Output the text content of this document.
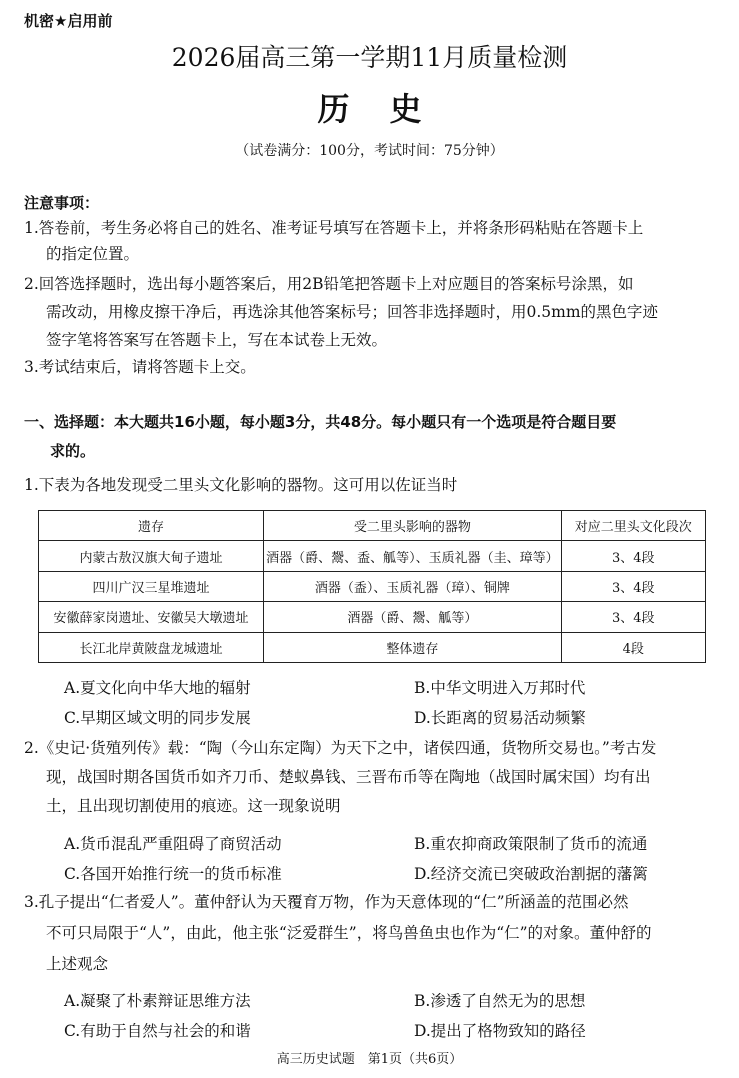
机密★启用前
2026届高三第一学期11月质量检测
历史
（试卷满分：100分，考试时间：75分钟）
注意事项：
1.答卷前，考生务必将自己的姓名、准考证号填写在答题卡上，并将条形码粘贴在答题卡上
的指定位置。
2.回答选择题时，选出每小题答案后，用2B铅笔把答题卡上对应题目的答案标号涂黑，如
需改动，用橡皮擦干净后，再选涂其他答案标号；回答非选择题时，用0.5mm的黑色字迹
签字笔将答案写在答题卡上，写在本试卷上无效。
3.考试结束后，请将答题卡上交。
一、选择题：本大题共16小题，每小题3分，共48分。每小题只有一个选项是符合题目要
求的。
1.下表为各地发现受二里头文化影响的器物。这可用以佐证当时
遗存	受二里头影响的器物	对应二里头文化段次
内蒙古敖汉旗大甸子遗址	酒器（爵、鬶、盉、觚等）、玉质礼器（圭、璋等）	3、4段
四川广汉三星堆遗址	酒器（盉）、玉质礼器（璋）、铜牌	3、4段
安徽薛家岗遗址、安徽吴大墩遗址	酒器（爵、鬶、觚等）	3、4段
长江北岸黄陂盘龙城遗址	整体遗存	4段
A.夏文化向中华大地的辐射	B.中华文明进入万邦时代
C.早期区域文明的同步发展	D.长距离的贸易活动频繁
2.《史记·货殖列传》载：“陶（今山东定陶）为天下之中，诸侯四通，货物所交易也。”考古发
现，战国时期各国货币如齐刀币、楚蚁鼻钱、三晋布币等在陶地（战国时属宋国）均有出
土，且出现切割使用的痕迹。这一现象说明
A.货币混乱严重阻碍了商贸活动	B.重农抑商政策限制了货币的流通
C.各国开始推行统一的货币标准	D.经济交流已突破政治割据的藩篱
3.孔子提出“仁者爱人”。董仲舒认为天覆育万物，作为天意体现的“仁”所涵盖的范围必然
不可只局限于“人”，由此，他主张“泛爱群生”，将鸟兽鱼虫也作为“仁”的对象。董仲舒的
上述观念
A.凝聚了朴素辩证思维方法	B.渗透了自然无为的思想
C.有助于自然与社会的和谐	D.提出了格物致知的路径
高三历史试题　第1页（共6页）
